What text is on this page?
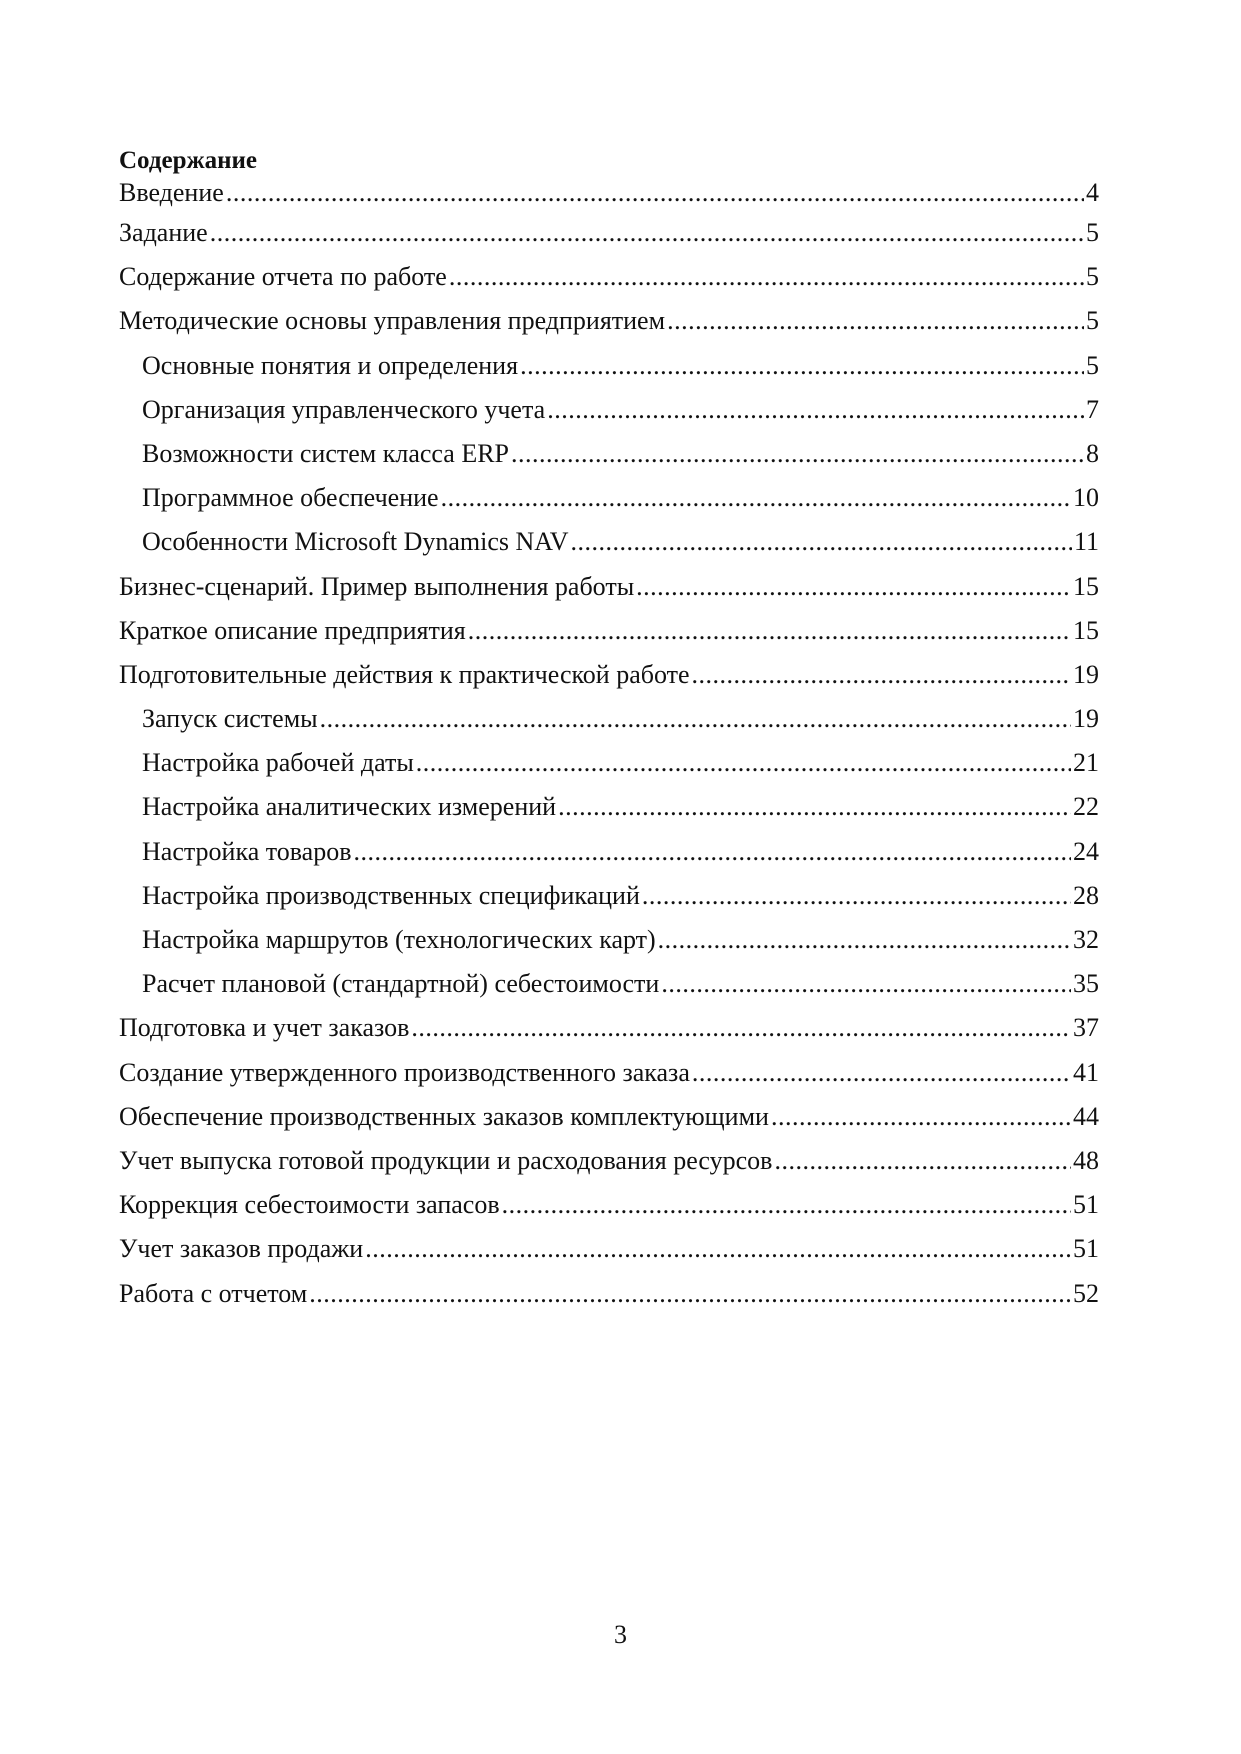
Содержание
Введение .....	4
Задание .....	5
Содержание отчета по работе .....	5
Методические основы управления предприятием .....	5
Основные понятия и определения .....	5
Организация управленческого учета .....	7
Возможности систем класса ERP .....	8
Программное обеспечение .....	10
Особенности Microsoft Dynamics NAV .....	11
Бизнес-сценарий. Пример выполнения работы .....	15
Краткое описание предприятия .....	15
Подготовительные действия к практической работе .....	19
Запуск системы .....	19
Настройка рабочей даты .....	21
Настройка аналитических измерений .....	22
Настройка товаров .....	24
Настройка производственных спецификаций .....	28
Настройка маршрутов (технологических карт) .....	32
Расчет плановой (стандартной) себестоимости .....	35
Подготовка и учет заказов .....	37
Создание утвержденного производственного заказа .....	41
Обеспечение производственных заказов комплектующими .....	44
Учет выпуска готовой продукции и расходования ресурсов .....	48
Коррекция себестоимости запасов .....	51
Учет заказов продажи .....	51
Работа с отчетом .....	52
3
